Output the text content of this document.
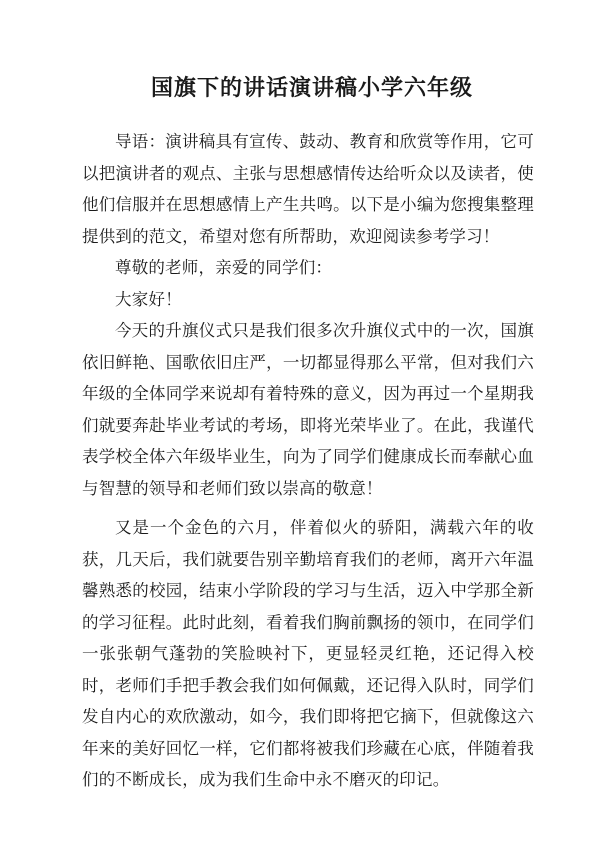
国旗下的讲话演讲稿小学六年级

导语：演讲稿具有宣传、鼓动、教育和欣赏等作用，它可以把演讲者的观点、主张与思想感情传达给听众以及读者，使他们信服并在思想感情上产生共鸣。以下是小编为您搜集整理提供到的范文，希望对您有所帮助，欢迎阅读参考学习！

尊敬的老师，亲爱的同学们：

大家好！

今天的升旗仪式只是我们很多次升旗仪式中的一次，国旗依旧鲜艳、国歌依旧庄严，一切都显得那么平常，但对我们六年级的全体同学来说却有着特殊的意义，因为再过一个星期我们就要奔赴毕业考试的考场，即将光荣毕业了。在此，我谨代表学校全体六年级毕业生，向为了同学们健康成长而奉献心血与智慧的领导和老师们致以崇高的敬意！

又是一个金色的六月，伴着似火的骄阳，满载六年的收获，几天后，我们就要告别辛勤培育我们的老师，离开六年温馨熟悉的校园，结束小学阶段的学习与生活，迈入中学那全新的学习征程。此时此刻，看着我们胸前飘扬的领巾，在同学们一张张朝气蓬勃的笑脸映衬下，更显轻灵红艳，还记得入校时，老师们手把手教会我们如何佩戴，还记得入队时，同学们发自内心的欢欣激动，如今，我们即将把它摘下，但就像这六年来的美好回忆一样，它们都将被我们珍藏在心底，伴随着我们的不断成长，成为我们生命中永不磨灭的印记。
